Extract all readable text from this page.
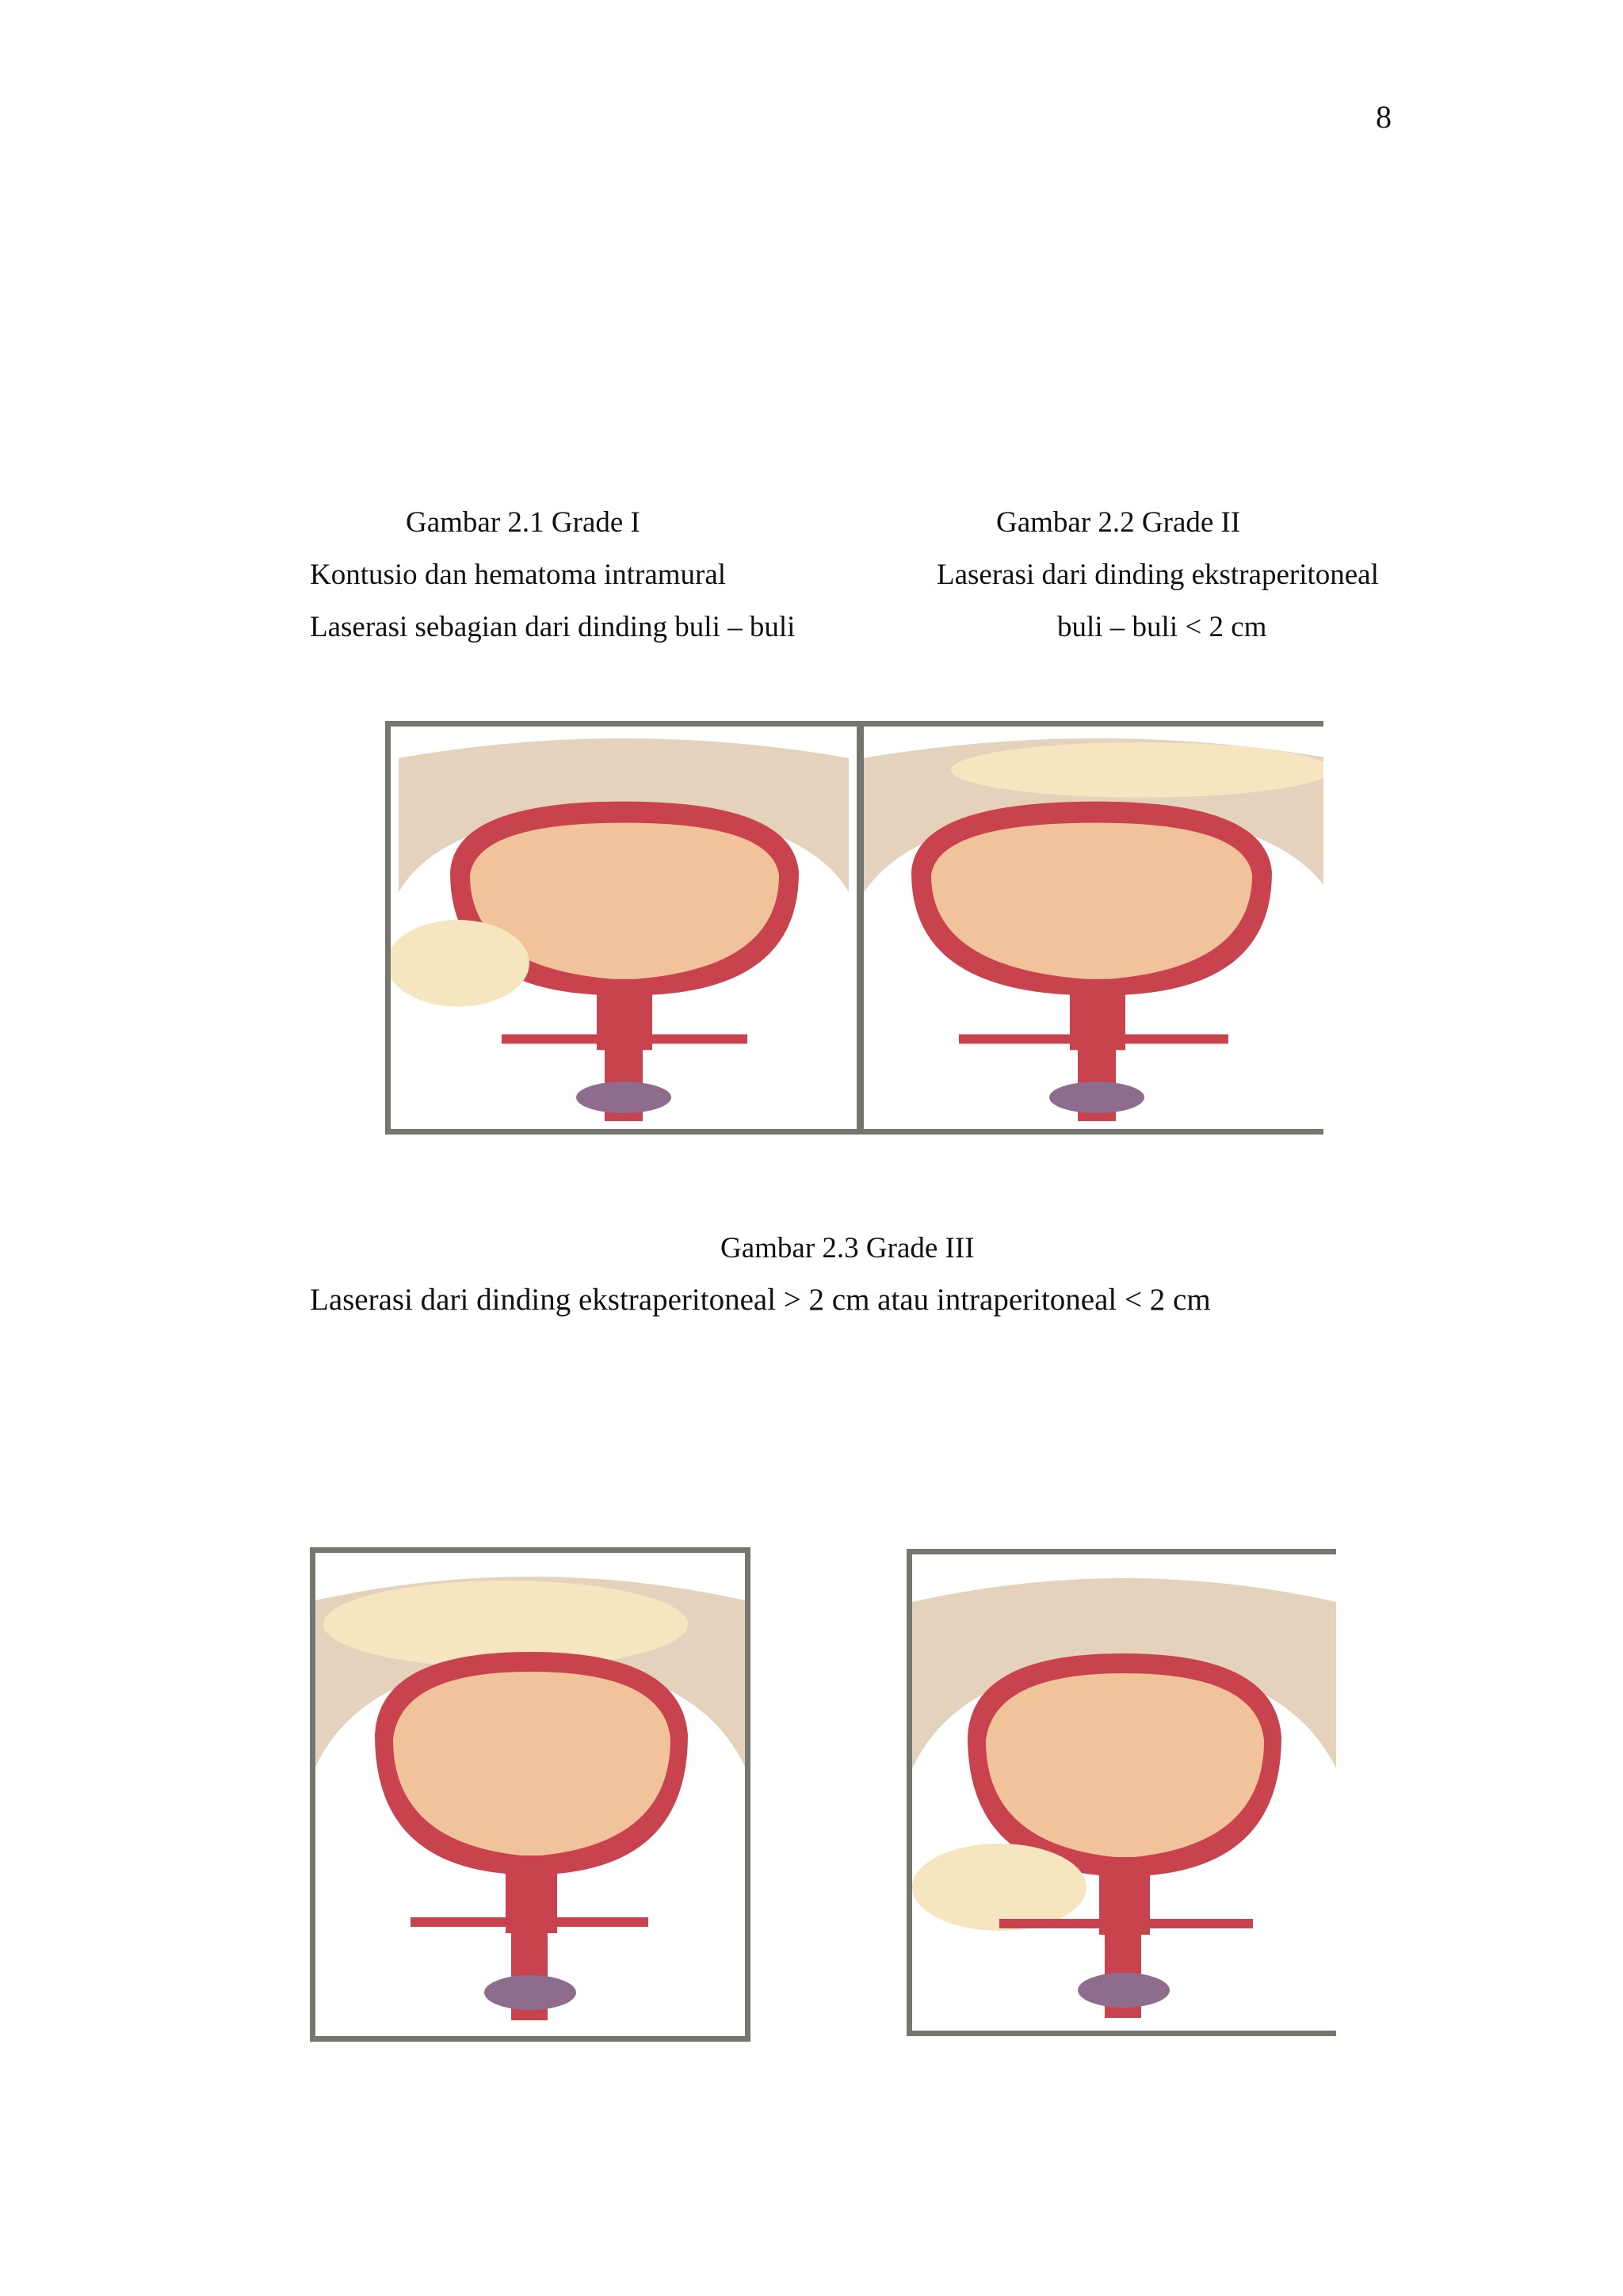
8
Gambar 2.1 Grade I
Kontusio dan hematoma intramural
Laserasi sebagian dari dinding buli – buli
Gambar 2.2 Grade II
Laserasi dari dinding ekstraperitoneal
buli – buli < 2 cm
Gambar 2.3 Grade III
Laserasi dari dinding ekstraperitoneal > 2 cm atau intraperitoneal < 2 cm
